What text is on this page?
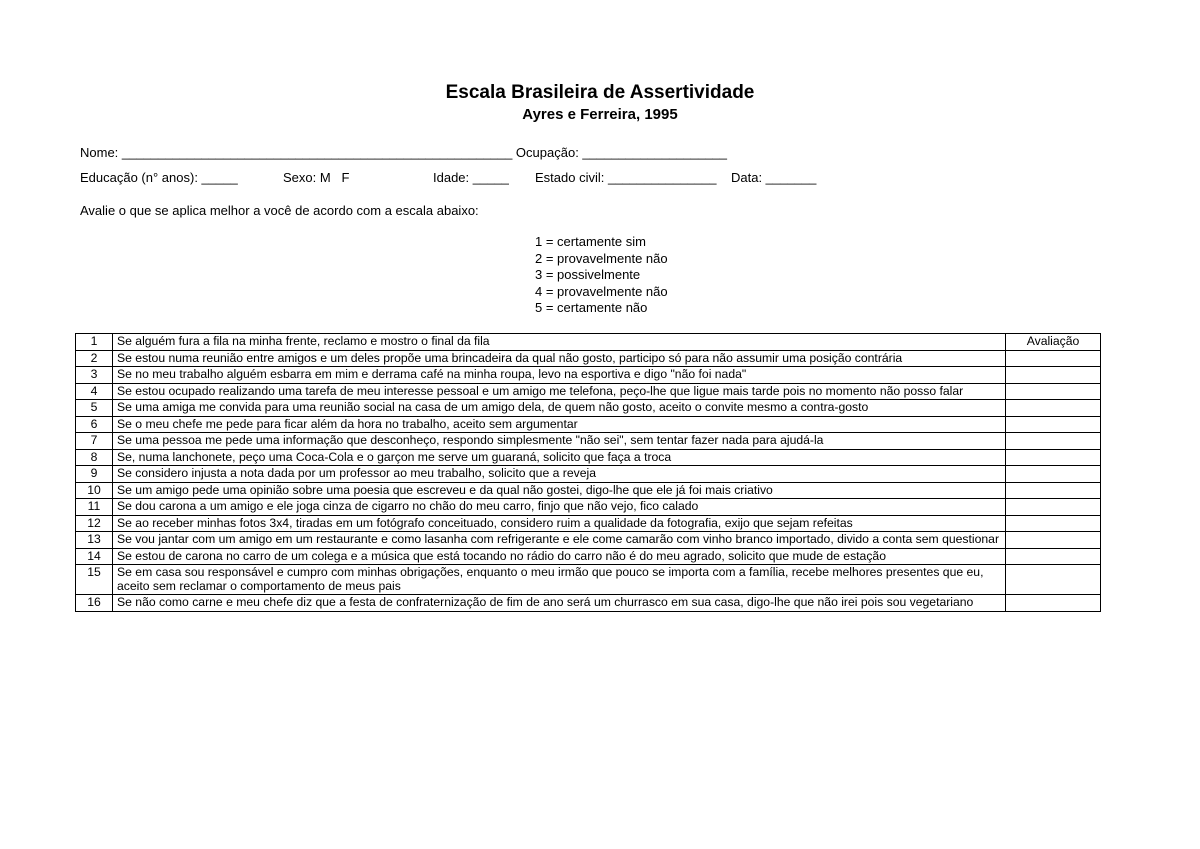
Escala Brasileira de Assertividade
Ayres e Ferreira, 1995
Nome: ______________________________________________________ Ocupação: ____________________
Educação (n° anos): _____	Sexo: M   F	Idade: _____ Estado civil: _______________ Data: _______
Avalie o que se aplica melhor a você de acordo com a escala abaixo:
1 = certamente sim
2 = provavelmente não
3 = possivelmente
4 = provavelmente não
5 = certamente não
1	Se alguém fura a fila na minha frente, reclamo e mostro o final da fila	Avaliação
2	Se estou numa reunião entre amigos e um deles propõe uma brincadeira da qual não gosto, participo só para não assumir uma posição contrária	
3	Se no meu trabalho alguém esbarra em mim e derrama café na minha roupa, levo na esportiva e digo "não foi nada"	
4	Se estou ocupado realizando uma tarefa de meu interesse pessoal e um amigo me telefona, peço-lhe que ligue mais tarde pois no momento não posso falar	
5	Se uma amiga me convida para uma reunião social na casa de um amigo dela, de quem não gosto, aceito o convite mesmo a contra-gosto	
6	Se o meu chefe me pede para ficar além da hora no trabalho, aceito sem argumentar	
7	Se uma pessoa me pede uma informação que desconheço, respondo simplesmente "não sei", sem tentar fazer nada para ajudá-la	
8	Se, numa lanchonete, peço uma Coca-Cola e o garçon me serve um guaraná, solicito que faça a troca	
9	Se considero injusta a nota dada por um professor ao meu trabalho, solicito que a reveja	
10	Se um amigo pede uma opinião sobre uma poesia que escreveu e da qual não gostei, digo-lhe que ele já foi mais criativo	
11	Se dou carona a um amigo e ele joga cinza de cigarro no chão do meu carro, finjo que não vejo, fico calado	
12	Se ao receber minhas fotos 3x4, tiradas em um fotógrafo conceituado, considero ruim a qualidade da fotografia, exijo que sejam refeitas	
13	Se vou jantar com um amigo em um restaurante e como lasanha com refrigerante e ele come camarão com vinho branco importado, divido a conta sem questionar	
14	Se estou de carona no carro de um colega e a música que está tocando no rádio do carro não é do meu agrado, solicito que mude de estação	
15	Se em casa sou responsável e cumpro com minhas obrigações, enquanto o meu irmão que pouco se importa com a família, recebe melhores presentes que eu, aceito sem reclamar o comportamento de meus pais	
16	Se não como carne e meu chefe diz que a festa de confraternização de fim de ano será um churrasco em sua casa, digo-lhe que não irei pois sou vegetariano	
